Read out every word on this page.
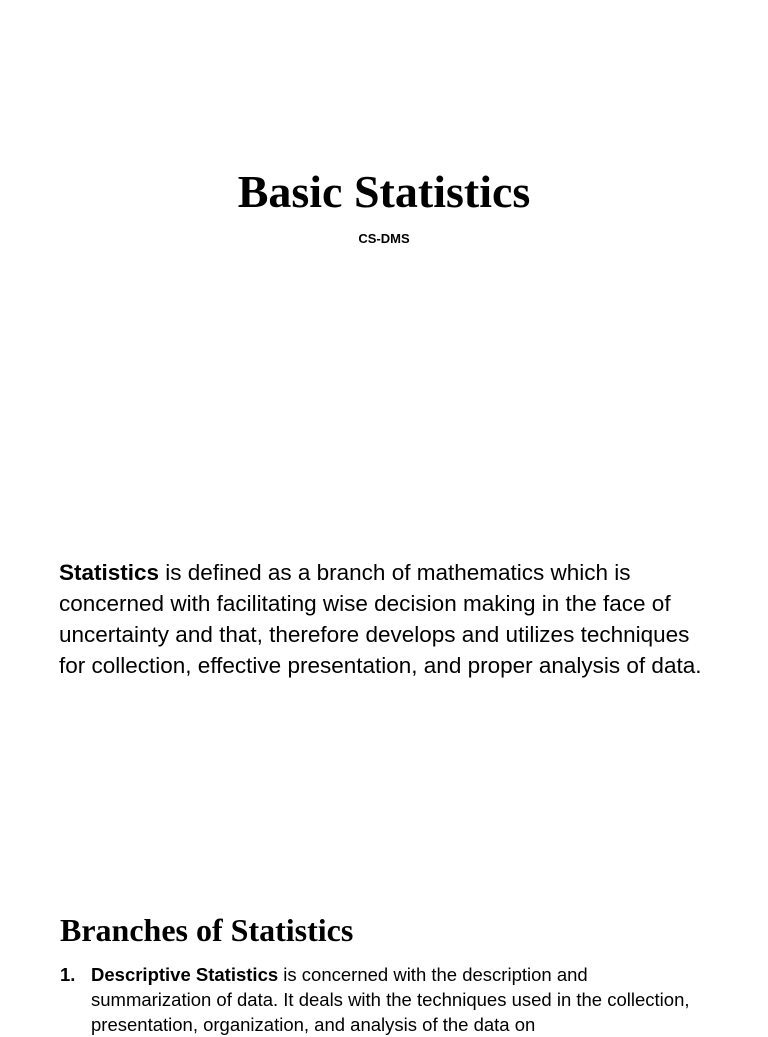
Basic Statistics
CS-DMS

Statistics is defined as a branch of mathematics which is concerned with facilitating wise decision making in the face of uncertainty and that, therefore develops and utilizes techniques for collection, effective presentation, and proper analysis of data.

Branches of Statistics
1. Descriptive Statistics is concerned with the description and summarization of data. It deals with the techniques used in the collection, presentation, organization, and analysis of the data on
